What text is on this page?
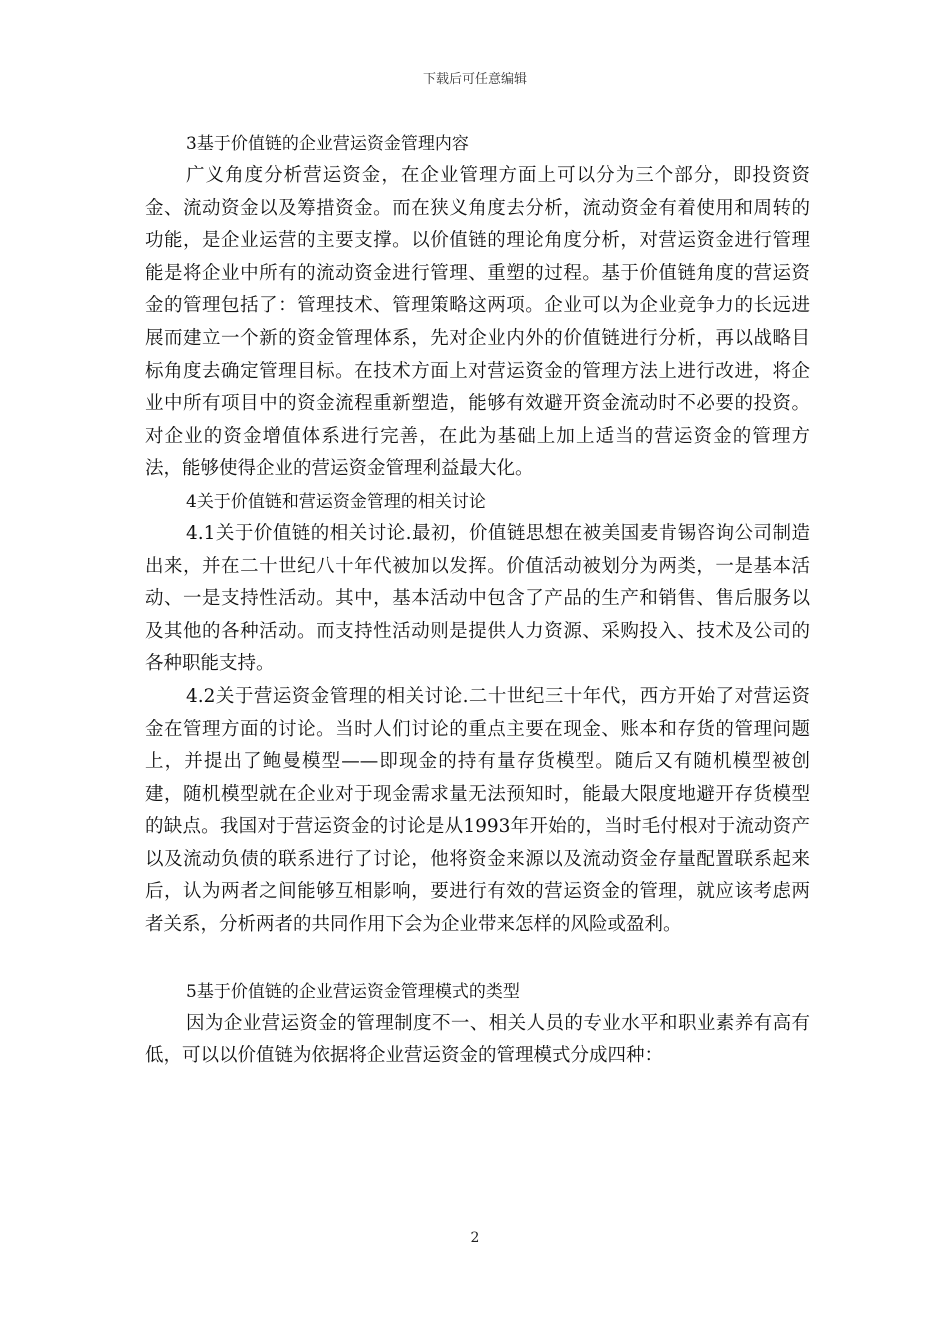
下载后可任意编辑

3基于价值链的企业营运资金管理内容

广义角度分析营运资金，在企业管理方面上可以分为三个部分，即投资资金、流动资金以及筹措资金。而在狭义角度去分析，流动资金有着使用和周转的功能，是企业运营的主要支撑。以价值链的理论角度分析，对营运资金进行管理能是将企业中所有的流动资金进行管理、重塑的过程。基于价值链角度的营运资金的管理包括了：管理技术、管理策略这两项。企业可以为企业竞争力的长远进展而建立一个新的资金管理体系，先对企业内外的价值链进行分析，再以战略目标角度去确定管理目标。在技术方面上对营运资金的管理方法上进行改进，将企业中所有项目中的资金流程重新塑造，能够有效避开资金流动时不必要的投资。对企业的资金增值体系进行完善，在此为基础上加上适当的营运资金的管理方法，能够使得企业的营运资金管理利益最大化。

4关于价值链和营运资金管理的相关讨论

4.1关于价值链的相关讨论.最初，价值链思想在被美国麦肯锡咨询公司制造出来，并在二十世纪八十年代被加以发挥。价值活动被划分为两类，一是基本活动、一是支持性活动。其中，基本活动中包含了产品的生产和销售、售后服务以及其他的各种活动。而支持性活动则是提供人力资源、采购投入、技术及公司的各种职能支持。

4.2关于营运资金管理的相关讨论.二十世纪三十年代，西方开始了对营运资金在管理方面的讨论。当时人们讨论的重点主要在现金、账本和存货的管理问题上，并提出了鲍曼模型——即现金的持有量存货模型。随后又有随机模型被创建，随机模型就在企业对于现金需求量无法预知时，能最大限度地避开存货模型的缺点。我国对于营运资金的讨论是从1993年开始的，当时毛付根对于流动资产以及流动负债的联系进行了讨论，他将资金来源以及流动资金存量配置联系起来后，认为两者之间能够互相影响，要进行有效的营运资金的管理，就应该考虑两者关系，分析两者的共同作用下会为企业带来怎样的风险或盈利。

5基于价值链的企业营运资金管理模式的类型

因为企业营运资金的管理制度不一、相关人员的专业水平和职业素养有高有低，可以以价值链为依据将企业营运资金的管理模式分成四种：

2
